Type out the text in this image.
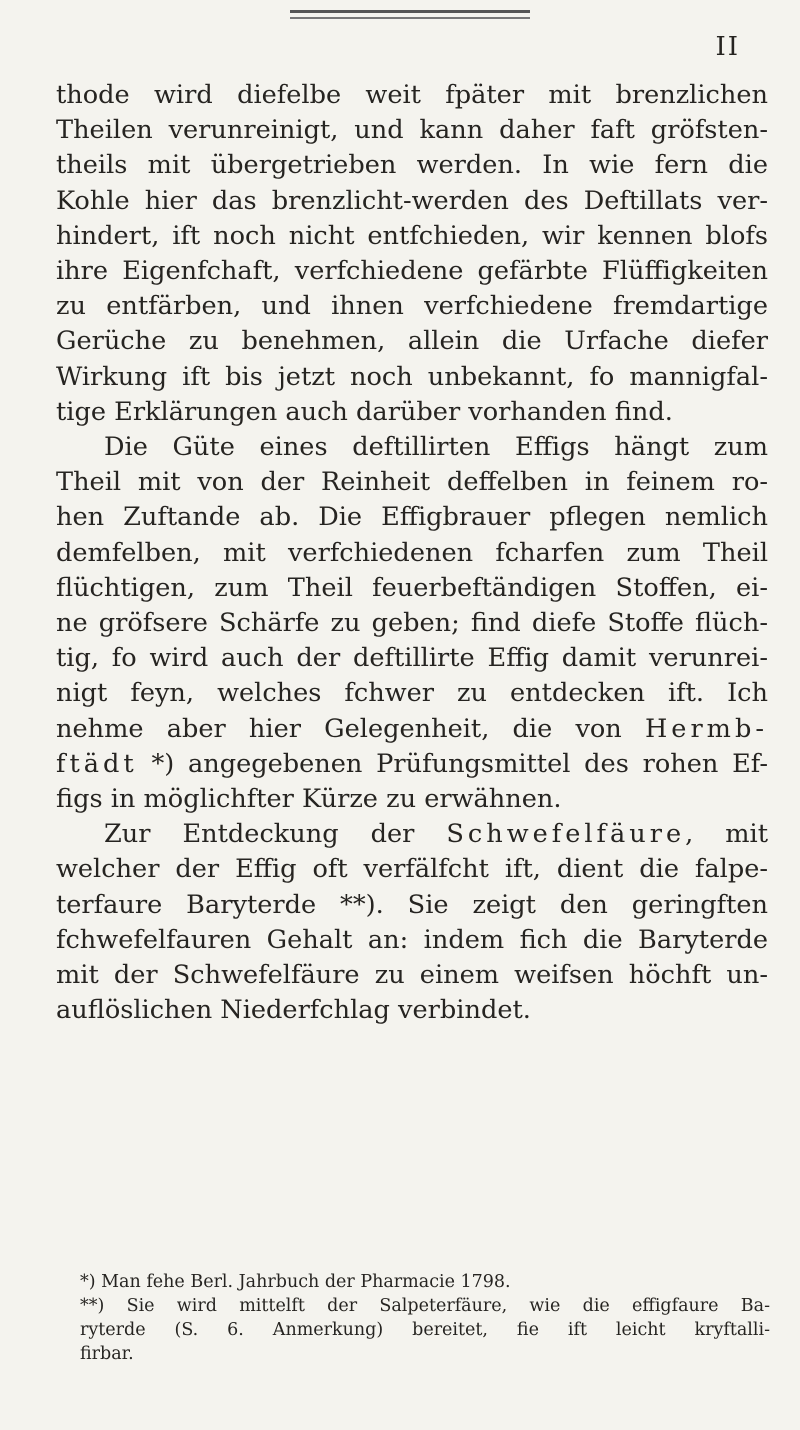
II

thode wird diefelbe weit fpäter mit brenzlichen
Theilen verunreinigt, und kann daher faft gröfsten-
theils mit übergetrieben werden. In wie fern die
Kohle hier das brenzlicht-werden des Deftillats ver-
hindert, ift noch nicht entfchieden, wir kennen blofs
ihre Eigenfchaft, verfchiedene gefärbte Flüffigkeiten
zu entfärben, und ihnen verfchiedene fremdartige
Gerüche zu benehmen, allein die Urfache diefer
Wirkung ift bis jetzt noch unbekannt, fo mannigfal-
tige Erklärungen auch darüber vorhanden find.

Die Güte eines deftillirten Effigs hängt zum
Theil mit von der Reinheit deffelben in feinem ro-
hen Zuftande ab. Die Effigbrauer pflegen nemlich
demfelben, mit verfchiedenen fcharfen zum Theil
flüchtigen, zum Theil feuerbeftändigen Stoffen, ei-
ne gröfsere Schärfe zu geben; find diefe Stoffe flüch-
tig, fo wird auch der deftillirte Effig damit verunrei-
nigt feyn, welches fchwer zu entdecken ift. Ich
nehme aber hier Gelegenheit, die von Hermb-
ftädt *) angegebenen Prüfungsmittel des rohen Ef-
figs in möglichfter Kürze zu erwähnen.

Zur Entdeckung der Schwefelfäure, mit
welcher der Effig oft verfälfcht ift, dient die falpe-
terfaure Baryterde **). Sie zeigt den geringften
fchwefelfauren Gehalt an: indem fich die Baryterde
mit der Schwefelfäure zu einem weifsen höchft un-
auflöslichen Niederfchlag verbindet.

*) Man fehe Berl. Jahrbuch der Pharmacie 1798.
**) Sie wird mittelft der Salpeterfäure, wie die effigfaure Ba-
ryterde (S. 6. Anmerkung) bereitet, fie ift leicht kryftalli-
firbar.
